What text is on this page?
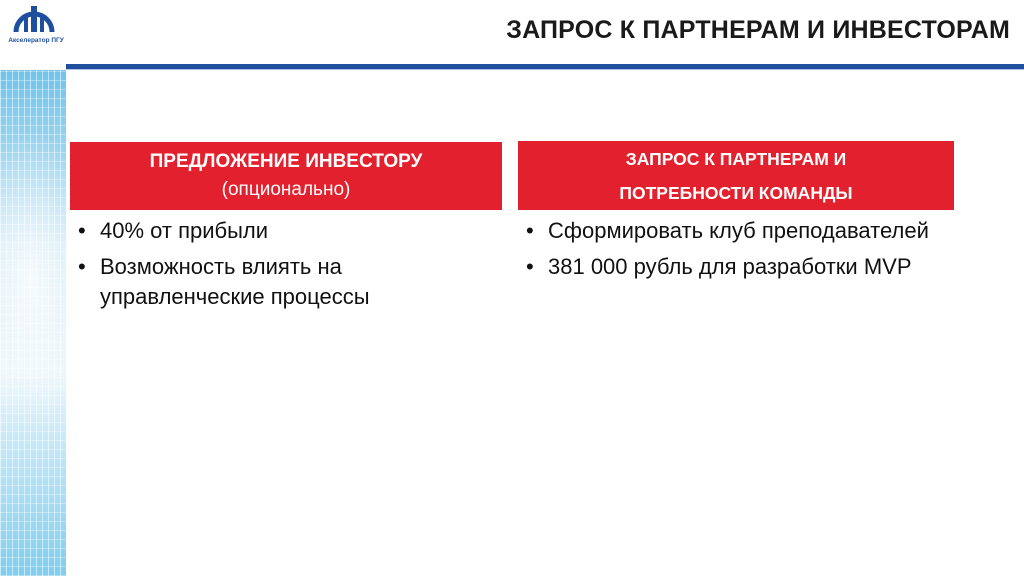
Акселератор ПГУ	ЗАПРОС К ПАРТНЕРАМ И ИНВЕСТОРАМ
ПРЕДЛОЖЕНИЕ ИНВЕСТОРУ
(опционально)
ЗАПРОС К ПАРТНЕРАМ И
ПОТРЕБНОСТИ КОМАНДЫ
• 40% от прибыли
• Возможность влиять на управленческие процессы
• Сформировать клуб преподавателей
• 381 000 рубль для разработки MVP
